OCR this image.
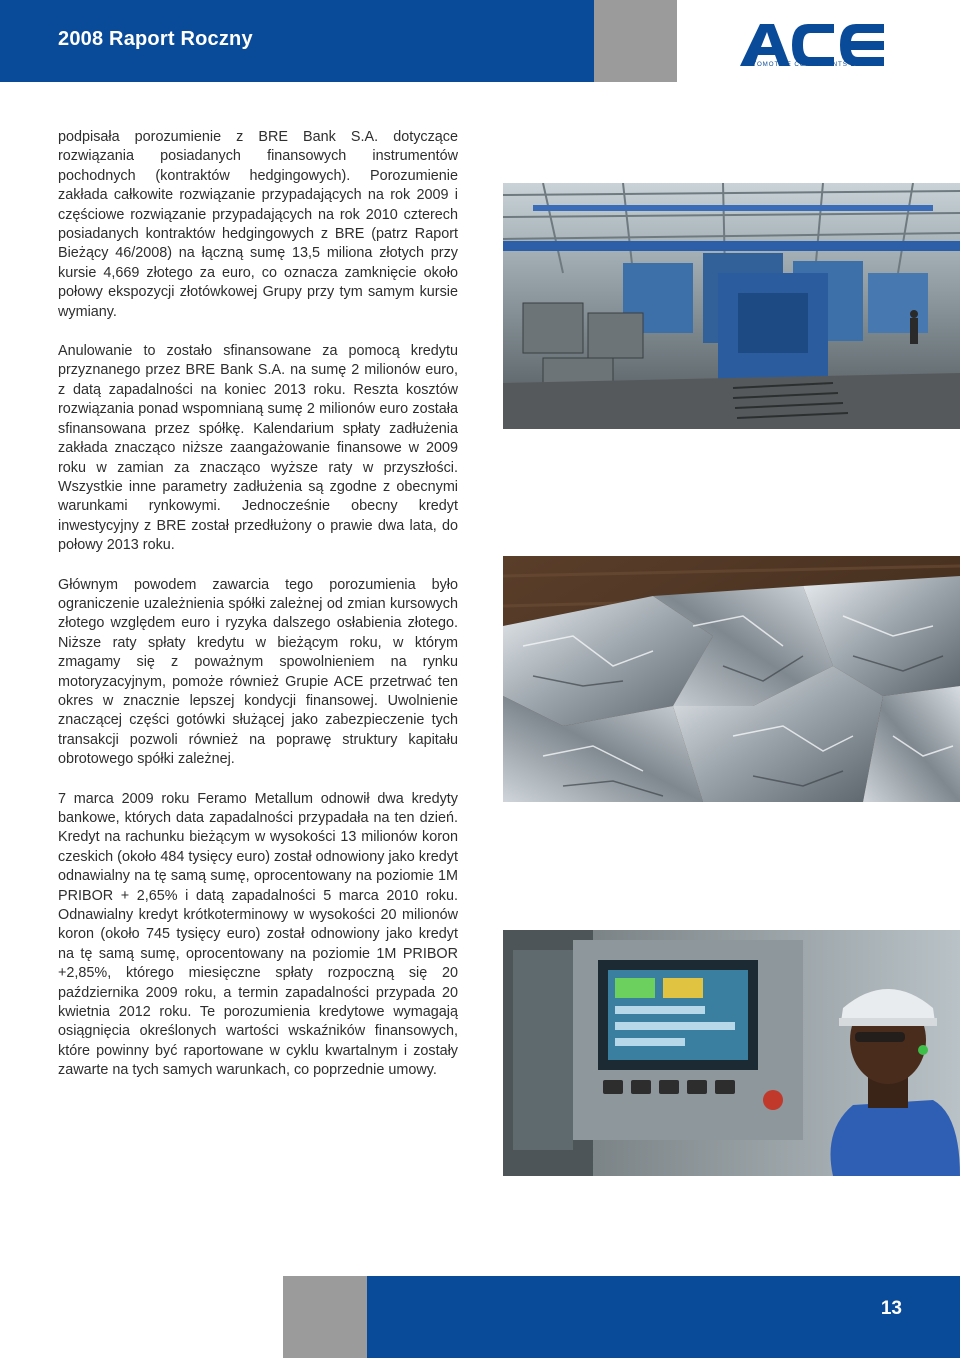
2008 Raport Roczny
AUTOMOTIVE COMPONENTS EUROPE

podpisała porozumienie z BRE Bank S.A. dotyczące rozwiązania posiadanych finansowych instrumentów pochodnych (kontraktów hedgingowych). Porozumienie zakłada całkowite rozwiązanie przypadających na rok 2009 i częściowe rozwiązanie przypadających na rok 2010 czterech posiadanych kontraktów hedgingowych z BRE (patrz Raport Bieżący 46/2008) na łączną sumę 13,5 miliona złotych przy kursie 4,669 złotego za euro, co oznacza zamknięcie około połowy ekspozycji złotówkowej Grupy przy tym samym kursie wymiany.

Anulowanie to zostało sfinansowane za pomocą kredytu przyznanego przez BRE Bank S.A. na sumę 2 milionów euro, z datą zapadalności na koniec 2013 roku. Reszta kosztów rozwiązania ponad wspomnianą sumę 2 milionów euro została sfinansowana przez spółkę. Kalendarium spłaty zadłużenia zakłada znacząco niższe zaangażowanie finansowe w 2009 roku w zamian za znacząco wyższe raty w przyszłości. Wszystkie inne parametry zadłużenia są zgodne z obecnymi warunkami rynkowymi. Jednocześnie obecny kredyt inwestycyjny z BRE został przedłużony o prawie dwa lata, do połowy 2013 roku.

Głównym powodem zawarcia tego porozumienia było ograniczenie uzależnienia spółki zależnej od zmian kursowych złotego względem euro i ryzyka dalszego osłabienia złotego. Niższe raty spłaty kredytu w bieżącym roku, w którym zmagamy się z poważnym spowolnieniem na rynku motoryzacyjnym, pomoże również Grupie ACE przetrwać ten okres w znacznie lepszej kondycji finansowej. Uwolnienie znaczącej części gotówki służącej jako zabezpieczenie tych transakcji pozwoli również na poprawę struktury kapitału obrotowego spółki zależnej.

7 marca 2009 roku Feramo Metallum odnowił dwa kredyty bankowe, których data zapadalności przypadała na ten dzień. Kredyt na rachunku bieżącym w wysokości 13 milionów koron czeskich (około 484 tysięcy euro) został odnowiony jako kredyt odnawialny na tę samą sumę, oprocentowany na poziomie 1M PRIBOR + 2,65% i datą zapadalności 5 marca 2010 roku. Odnawialny kredyt krótkoterminowy w wysokości 20 milionów koron (około 745 tysięcy euro) został odnowiony jako kredyt na tę samą sumę, oprocentowany na poziomie 1M PRIBOR +2,85%, którego miesięczne spłaty rozpoczną się 20 października 2009 roku, a termin zapadalności przypada 20 kwietnia 2012 roku. Te porozumienia kredytowe wymagają osiągnięcia określonych wartości wskaźników finansowych, które powinny być raportowane w cyklu kwartalnym i zostały zawarte na tych samych warunkach, co poprzednie umowy.

13
